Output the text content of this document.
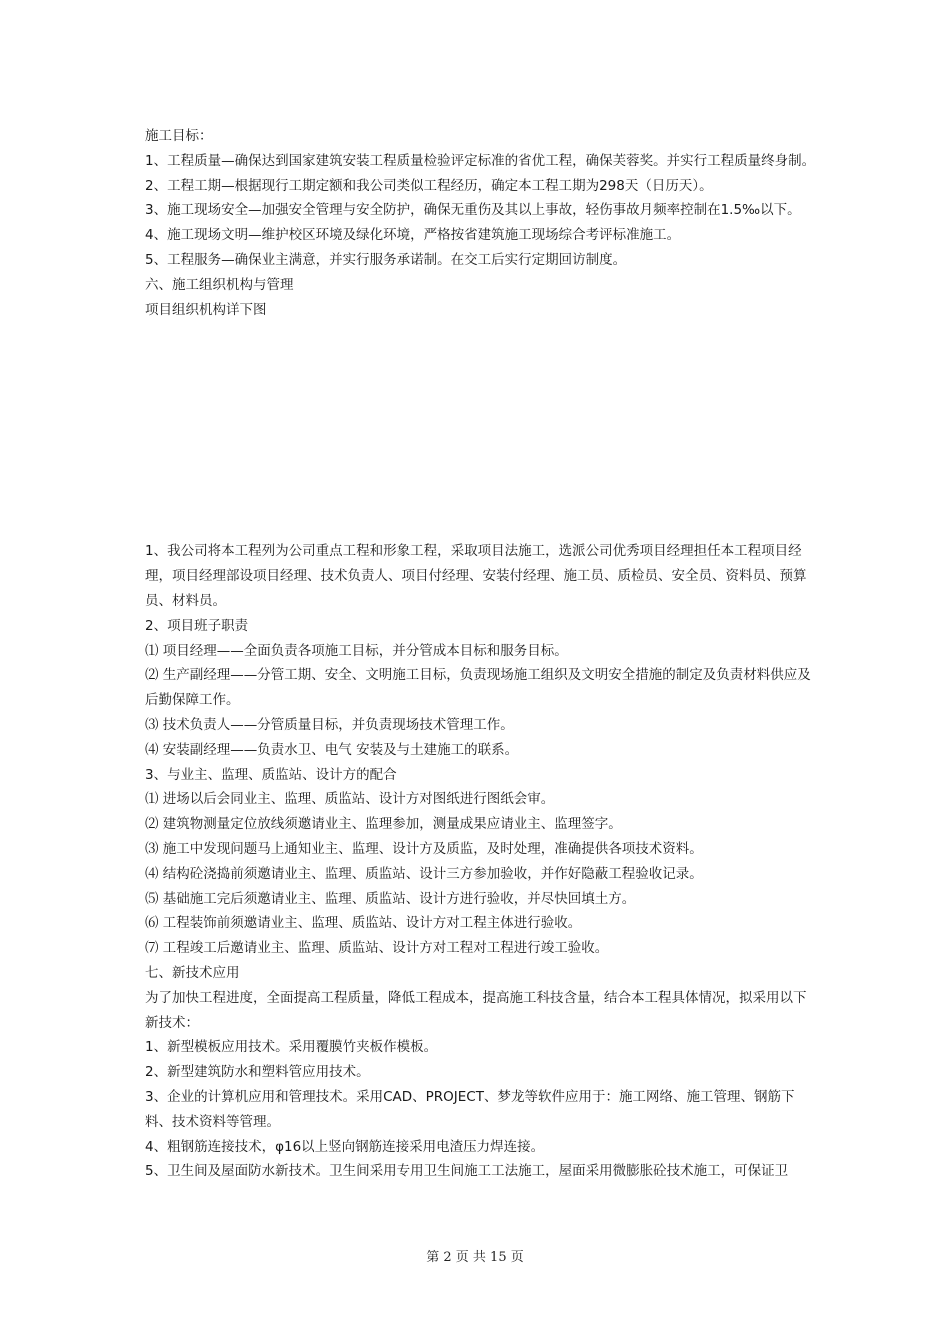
施工目标：

1、工程质量—确保达到国家建筑安装工程质量检验评定标准的省优工程，确保芙蓉奖。并实行工程质量终身制。

2、工程工期—根据现行工期定额和我公司类似工程经历，确定本工程工期为298天（日历天）。

3、施工现场安全—加强安全管理与安全防护，确保无重伤及其以上事故，轻伤事故月频率控制在1.5‰以下。

4、施工现场文明—维护校区环境及绿化环境，严格按省建筑施工现场综合考评标准施工。

5、工程服务—确保业主满意，并实行服务承诺制。在交工后实行定期回访制度。

六、施工组织机构与管理

项目组织机构详下图

1、我公司将本工程列为公司重点工程和形象工程，采取项目法施工，选派公司优秀项目经理担任本工程项目经理，项目经理部设项目经理、技术负责人、项目付经理、安装付经理、施工员、质检员、安全员、资料员、预算员、材料员。

2、项目班子职责

⑴ 项目经理——全面负责各项施工目标，并分管成本目标和服务目标。

⑵ 生产副经理——分管工期、安全、文明施工目标，负责现场施工组织及文明安全措施的制定及负责材料供应及后勤保障工作。

⑶ 技术负责人——分管质量目标，并负责现场技术管理工作。

⑷ 安装副经理——负责水卫、电气 安装及与土建施工的联系。

3、与业主、监理、质监站、设计方的配合

⑴ 进场以后会同业主、监理、质监站、设计方对图纸进行图纸会审。

⑵ 建筑物测量定位放线须邀请业主、监理参加，测量成果应请业主、监理签字。

⑶ 施工中发现问题马上通知业主、监理、设计方及质监，及时处理，准确提供各项技术资料。

⑷ 结构砼浇捣前须邀请业主、监理、质监站、设计三方参加验收，并作好隐蔽工程验收记录。

⑸ 基础施工完后须邀请业主、监理、质监站、设计方进行验收，并尽快回填土方。

⑹ 工程装饰前须邀请业主、监理、质监站、设计方对工程主体进行验收。

⑺ 工程竣工后邀请业主、监理、质监站、设计方对工程对工程进行竣工验收。

七、新技术应用

为了加快工程进度，全面提高工程质量，降低工程成本，提高施工科技含量，结合本工程具体情况，拟采用以下新技术：

1、新型模板应用技术。采用覆膜竹夹板作模板。

2、新型建筑防水和塑料管应用技术。

3、企业的计算机应用和管理技术。采用CAD、PROJECT、梦龙等软件应用于：施工网络、施工管理、钢筋下料、技术资料等管理。

4、粗钢筋连接技术，φ16以上竖向钢筋连接采用电渣压力焊连接。

5、卫生间及屋面防水新技术。卫生间采用专用卫生间施工工法施工，屋面采用微膨胀砼技术施工，可保证卫

第 2 页 共 15 页
